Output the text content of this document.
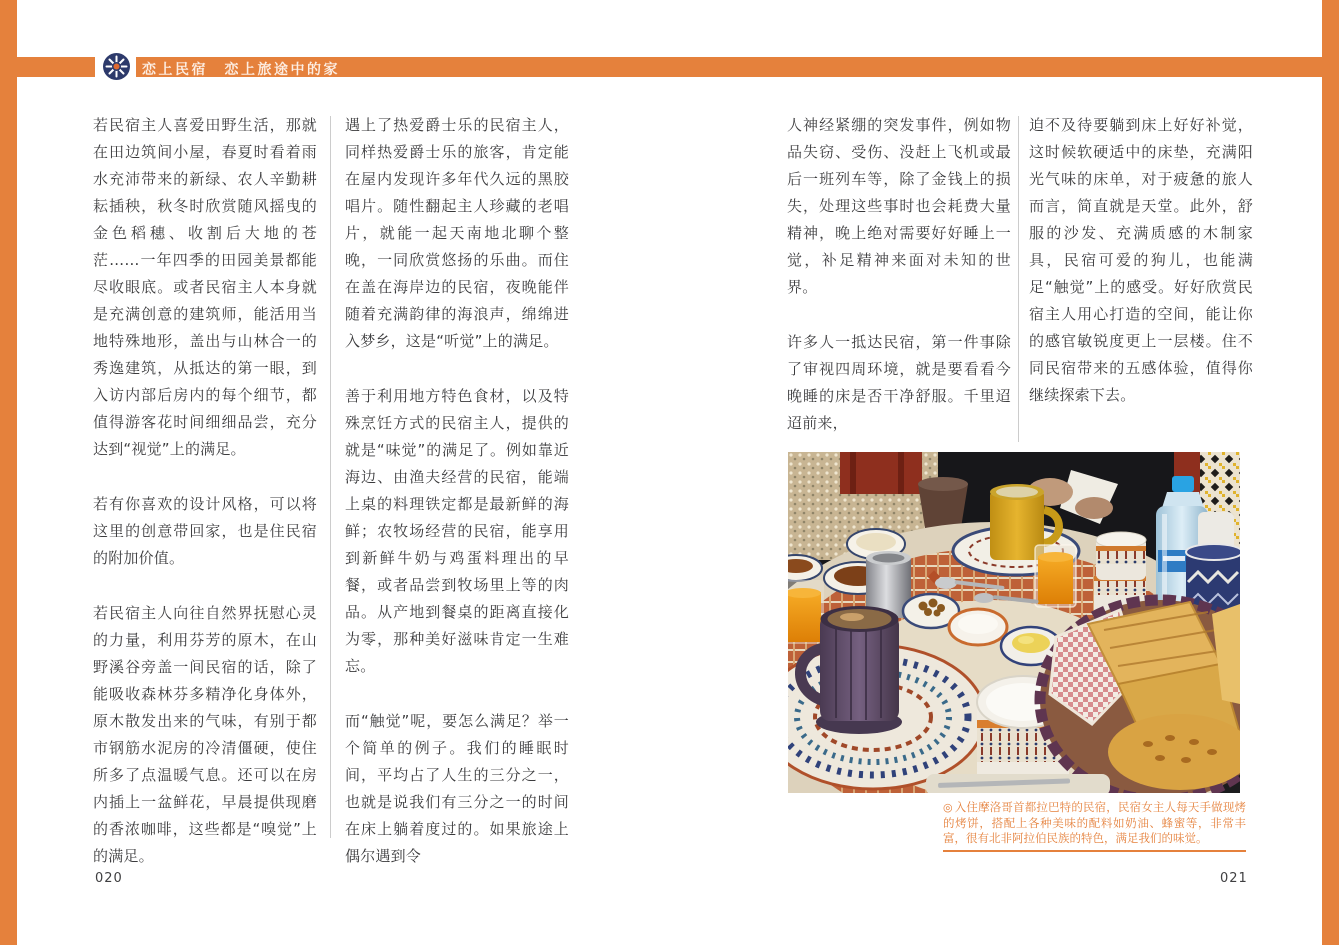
恋上民宿　恋上旅途中的家

若民宿主人喜爱田野生活，那就在田边筑间小屋，春夏时看着雨水充沛带来的新绿、农人辛勤耕耘插秧，秋冬时欣赏随风摇曳的金色稻穗、收割后大地的苍茫……一年四季的田园美景都能尽收眼底。或者民宿主人本身就是充满创意的建筑师，能活用当地特殊地形，盖出与山林合一的秀逸建筑，从抵达的第一眼，到入访内部后房内的每个细节，都值得游客花时间细细品尝，充分达到“视觉”上的满足。

若有你喜欢的设计风格，可以将这里的创意带回家，也是住民宿的附加价值。

若民宿主人向往自然界抚慰心灵的力量，利用芬芳的原木，在山野溪谷旁盖一间民宿的话，除了能吸收森林芬多精净化身体外，原木散发出来的气味，有别于都市钢筋水泥房的冷清僵硬，使住所多了点温暖气息。还可以在房内插上一盆鲜花，早晨提供现磨的香浓咖啡，这些都是“嗅觉”上的满足。

遇上了热爱爵士乐的民宿主人，同样热爱爵士乐的旅客，肯定能在屋内发现许多年代久远的黑胶唱片。随性翻起主人珍藏的老唱片，就能一起天南地北聊个整晚，一同欣赏悠扬的乐曲。而住在盖在海岸边的民宿，夜晚能伴随着充满韵律的海浪声，绵绵进入梦乡，这是“听觉”上的满足。

善于利用地方特色食材，以及特殊烹饪方式的民宿主人，提供的就是“味觉”的满足了。例如靠近海边、由渔夫经营的民宿，能端上桌的料理铁定都是最新鲜的海鲜；农牧场经营的民宿，能享用到新鲜牛奶与鸡蛋料理出的早餐，或者品尝到牧场里上等的肉品。从产地到餐桌的距离直接化为零，那种美好滋味肯定一生难忘。

而“触觉”呢，要怎么满足？举一个简单的例子。我们的睡眠时间，平均占了人生的三分之一，也就是说我们有三分之一的时间在床上躺着度过的。如果旅途上偶尔遇到令

人神经紧绷的突发事件，例如物品失窃、受伤、没赶上飞机或最后一班列车等，除了金钱上的损失，处理这些事时也会耗费大量精神，晚上绝对需要好好睡上一觉，补足精神来面对未知的世界。

许多人一抵达民宿，第一件事除了审视四周环境，就是要看看今晚睡的床是否干净舒服。千里迢迢前来，

迫不及待要躺到床上好好补觉，这时候软硬适中的床垫，充满阳光气味的床单，对于疲惫的旅人而言，简直就是天堂。此外，舒服的沙发、充满质感的木制家具，民宿可爱的狗儿，也能满足“触觉”上的感受。好好欣赏民宿主人用心打造的空间，能让你的感官敏锐度更上一层楼。住不同民宿带来的五感体验，值得你继续探索下去。

◎ 入住摩洛哥首都拉巴特的民宿，民宿女主人每天手做现烤的烤饼，搭配上各种美味的配料如奶油、蜂蜜等，非常丰富，很有北非阿拉伯民族的特色，满足我们的味觉。
020	021
